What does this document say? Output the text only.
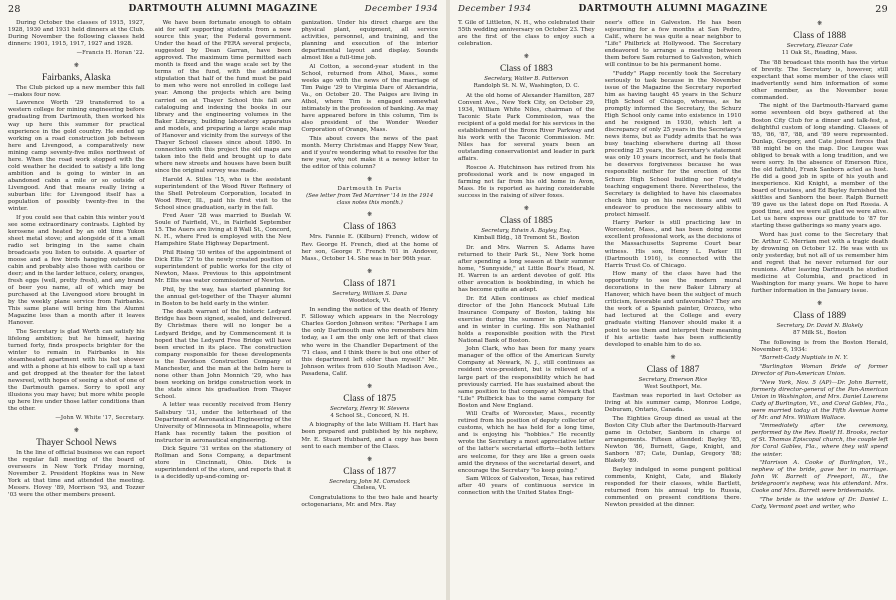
28	DARTMOUTH ALUMNI MAGAZINE	December 1934

During October the classes of 1915, 1927, 1928, 1930 and 1931 held dinners at the Club. During November the following classes held dinners: 1901, 1915, 1917, 1927 and 1928.

—Francis H. Horan '22.
❋
Fairbanks, Alaska

The Club picked up a new member this fall—makes four now.

Lawrence Worth '29 transferred to a western college for mining engineering before graduating from Dartmouth, then worked his way up here this summer for practical experience in the gold country. He ended up working on a road construction job between here and Livengood, a comparatively new mining camp seventy-five miles northwest of here. When the road work stopped with the cold weather he decided to satisfy a life long ambition and is going to winter in an abandoned cabin a mile or so outside of Livengood. And that means really living a suburban life: for Livengood itself has a population of possibly twenty-five in the winter.

If you could see that cabin this winter you'd see some extraordinary contrasts. Lighted by kerosene and heated by an old time Yukon sheet metal stove; and alongside of it a small radio set bringing in the same chain broadcasts you listen to outside. A quarter of moose and a few birds hanging outside the cabin and probably also those with caribou or deer; and in the larder lettuce, celery, oranges, fresh eggs (well, pretty fresh), and any brand of beer you name, all of which may be purchased at the Livengood store brought in by the weekly plane service from Fairbanks. This same plane will bring him the Alumni Magazine less than a month after it leaves Hanover.

The Secretary is glad Worth can satisfy his lifelong ambition; but he himself, having turned forty, finds prospects brighter for the winter to remain in Fairbanks in his steamheated apartment with his hot shower and with a phone at his elbow to call up a taxi and get dropped at the theater for the latest newsreel, with hopes of seeing a shot of one of the Dartmouth games. Sorry to spoil any illusions you may have; but more white people up here live under those latter conditions than the other.

—John W. White '17, Secretary.
❋
Thayer School News

In the line of official business we can report the regular fall meeting of the board of overseers in New York Friday morning, November 2. President Hopkins was in New York at that time and attended the meeting. Messrs. Hovey '89, Morrison '93, and Tozzer '03 were the other members present.

We have been fortunate enough to obtain aid for self supporting students from a new source this year, the Federal government. Under the head of the FERA several projects, suggested by Dean Garran, have been approved. The maximum time permitted each month is fixed and the wage scale set by the terms of the fund, with the additional stipulation that half of the fund must be paid to men who were not enrolled in college last year. Among the projects which are being carried on at Thayer School this fall are cataloguing and indexing the books in our library and the engineering volumes in the Baker Library, building laboratory apparatus and models, and preparing a large scale map of Hanover and vicinity from the surveys of the Thayer School classes since about 1890. In connection with this project the old maps are taken into the field and brought up to date where new streets and houses have been built since the original survey was made.

Harold A. Stiles '15, who is the assistant superintendent of the Wood River Refinery of the Shell Petroleum Corporation, located in Wood River, Ill., paid his first visit to the School since graduation, early in the fall.

Fred Auer '28 was married to Buelah W. Soule of Fairfield, Vt., in Fairfield September 15. The Auers are living at 8 Wall St., Concord, N. H., where Fred is employed with the New Hampshire State Highway Department.

Phil Rising '30 writes of the appointment of Dick Ellis '27 to the newly created position of superintendent of public works for the city of Newton, Mass. Previous to this appointment Mr. Ellis was water commissioner of Newton.

Phil, by the way, has started planning for the annual get-together of the Thayer alumni in Boston to be held early in the winter.

The death warrant of the historic Ledyard Bridge has been signed, sealed, and delivered. By Christmas there will no longer be a Ledyard Bridge, and by Commencement it is hoped that the Ledyard Free Bridge will have been erected in its place. The construction company responsible for these developments is the Davidson Construction Company of Manchester, and the man at the helm here is none other than John Monnich '29, who has been working on bridge construction work in the state since his graduation from Thayer School.

A letter was recently received from Henry Salisbury '31, under the letterhead of the Department of Aeronautical Engineering of the University of Minnesota in Minneapolis, where Hank has recently taken the position of instructor in aeronautical engineering.

Dick Squire '31 writes on the stationery of Rollman and Sons Company, a department store in Cincinnati, Ohio. Dick is superintendent of the store, and reports that it is a decidedly up-and-coming or-

ganization. Under his direct charge are the physical plant, equipment, all service activities, personnel, and training, and the planning and execution of the interior departmental layout and display. Sounds almost like a full-time job.

Al Cotton, a second-year student in the School, returned from Athol, Mass., some weeks ago with the news of the marriage of Tim Paige '29 to Virginia Dare of Alexandria, Va., on October 20. The Paiges are living in Athol, where Tim is engaged somewhat intimately in the profession of banking. As may have appeared before in this column, Tim is also president of the Wonder Weeder Corporation of Orange, Mass.

This about covers the news of the past month. Merry Christmas and Happy New Year, and if you're wondering what to resolve for the new year, why not make it a newsy letter to the editor of this column?

❋
Dartmouth In Paris
(See letter from Ted Marriner '14 in the 1914 class notes this month.)
❋
Class of 1863

Mrs. Fannie E. (Kilburn) French, widow of Rev. George H. French, died at the home of her son, George F. French '01 in Andover, Mass., October 14. She was in her 96th year.

❋
Class of 1871
Secretary, William S. Dana
Woodstock, Vt.

In sending the notice of the death of Henry F. Silloway which appears in the Necrology Charles Gordon Johnson writes: "Perhaps I am the only Dartmouth man who remembers him today, as I am the only one left of that class who were in the Chandler Department of the '71 class, and I think there is but one other of this department left older than myself." Mr. Johnson writes from 610 South Madison Ave., Pasadena, Calif.

❋
Class of 1875
Secretary, Henry W. Stevens
4 School St., Concord, N. H.

A biography of the late William H. Hart has been prepared and published by his nephew, Mr. E. Stuart Hubbard, and a copy has been sent to each member of the Class.

❋
Class of 1877
Secretary, John M. Comstock
Chelsea, Vt.

Congratulations to the two hale and hearty octogenarians, Mr. and Mrs. Ray

December 1934	DARTMOUTH ALUMNI MAGAZINE	29

T. Gile of Littleton, N. H., who celebrated their 55th wedding anniversary on October 23. They are the first of the class to enjoy such a celebration.

❋
Class of 1883
Secretary, Walter B. Patterson
Randolph St. N. W., Washington, D. C.

At the old home of Alexander Hamilton, 287 Convent Ave., New York City, on October 29, 1934, William White Niles, chairman of the Taconic State Park Commission, was the recipient of a gold medal for his services in the establishment of the Bronx River Parkway and his work with the Taconic Commission. Mr. Niles has for several years been an outstanding conservationist and leader in park affairs.

Roscoe A. Hutchinson has retired from his professional work and is now engaged in farming not far from his old home in Avon, Mass. He is reported as having considerable success in the raising of silver foxes.

❋
Class of 1885
Secretary, Edwin A. Bayley, Esq.
Kimball Bldg., 18 Tremont St., Boston

Dr. and Mrs. Warren S. Adams have returned to their Park St., New York home after spending a long season at their summer home, "Sunnyside," at Little Boar's Head, N. H. Warren is an ardent devotee of golf. His other avocation is bookbinding, in which he has become quite an adept.

Dr. Ed Allen continues as chief medical director of the John Hancock Mutual Life Insurance Company of Boston, taking his exercise during the summer in playing golf and in winter in curling. His son Nathaniel holds a responsible position with the First National Bank of Boston.

John Clark, who has been for many years manager of the office of the American Surety Company at Newark, N. J., still continues as resident vice-president, but is relieved of a large part of the responsibility which he had previously carried. He has sustained about the same position to that company at Newark that "Lile" Philbrick has to the same company for Boston and New England.

Will Crafts of Worcester, Mass., recently retired from his position of deputy collector of customs, which he has held for a long time, and is enjoying his "hobbies." He recently wrote the Secretary a most appreciative letter of the latter's secretarial efforts—both letters are welcome, for they are like a green oasis amid the dryness of the secretarial desert, and encourage the Secretary "to keep going."

Sam Wilcox of Galveston, Texas, has retired after 40 years of continuous service in connection with the United States Engi-

neer's office in Galveston. He has been sojourning for a few months at San Pedro, Calif., where he was quite a near neighbor to "Life" Philbrick at Hollywood. The Secretary endeavored to arrange a meeting between them before Sam returned to Galveston, which will continue to be his permanent home.

"Fuddy" Plapp recently took the Secretary seriously to task because in the November issue of the Magazine the Secretary reported him as having taught 45 years in the Schurz High School of Chicago, whereas, as he promptly informed the Secretary, the Schurz High School only came into existence in 1910 and he resigned in 1930, which left a discrepancy of only 25 years in the Secretary's news items, but as Fuddy admits that he was busy teaching elsewhere during all those preceding 25 years, the Secretary's statement was only 10 years incorrect, and he feels that he deserves forgiveness because he was responsible neither for the erection of the Schurz High School building nor Fuddy's teaching engagement there. Nevertheless, the Secretary is delighted to have his classmates check him up on his news items and will endeavor to produce the necessary alibis to protect himself.

Harry Parker is still practicing law in Worcester, Mass., and has been doing some excellent professional work, as the decisions of the Massachusetts Supreme Court bear witness. His son, Henry L. Parker III (Dartmouth 1916), is connected with the Harris Trust Co. of Chicago.

How many of the class have had the opportunity to see the modern mural decorations in the new Baker Library at Hanover, which have been the subject of much criticism, favorable and unfavorable? They are the work of a Spanish painter, Orozco, who had lectured at the College and every graduate visiting Hanover should make it a point to see them and interpret their meaning if his artistic taste has been sufficiently developed to enable him to do so.

❋
Class of 1887
Secretary, Emerson Rice
West Southport, Me.

Eastman was reported in last October as living at his summer camp, Monroe Lodge, Deburam, Ontario, Canada.

The Eighties Group dined as usual at the Boston City Club after the Dartmouth-Harvard game in October, Sanborn in charge of arrangements. Fifteen attended: Bayley '85, Newton '86, Burnett, Gage, Knight, and Sanborn '87; Cate, Dunlap, Gregory '88; Blakely '89.

Bayley indulged in some pungent political comments, Knight, Cate, and Blakely responded for their classes, while Bartlett, returned from his annual trip to Russia, commented on present conditions there. Newton presided at the dinner.

❋
Class of 1888
Secretary, Eleazar Cate
11 Oak St., Reading, Mass.

The '88 broadcast this month has the virtue of brevity. The Secretary is, however, still expectant that some member of the class will inadvertently send him information of some other member, as the November issue commanded.

The night of the Dartmouth-Harvard game some seventeen old boys gathered at the Boston City Club for a dinner and talk-fest, a delightful custom of long standing. Classes of '85, '86, '87, '88, and '89 were represented. Dunlap, Gregory, and Cate joined forces that '88 might be on the map. Doc Leugee was obliged to break with a long tradition, and we were sorry. In the absence of Emerson Rice, the old faithful, Frank Sanborn acted as host. He did a good job in spite of his youth and inexperience. Kid Knight, a member of the board of trustees, and Ed Bayley furnished the skittles and Sanborn the beer. Ralph Burnett '89 gave us the latest dope on Red Rossia. A good time, and we were all glad we were alive. Let us here express our gratitude to '87 for starting these gatherings so many years ago.

Word has just come to the Secretary that Dr. Arthur C. Merriam met with a tragic death by drowning on October 12. He was with us only yesterday, but not all of us remember him and regret that he never returned for our reunions. After leaving Dartmouth he studied medicine at Columbia, and practiced in Washington for many years. We hope to have further information in the January issue.

❋
Class of 1889
Secretary, Dr. David N. Blakely
87 Milk St., Boston

The following is from the Boston Herald, November 6, 1934:

"Barrett-Cady Nuptials in N. Y.

"Burlington Woman Bride of former Director of Pan-American Union.

"New York, Nov. 5 (AP)—Dr. John Barrett, formerly director-general of the Pan-American Union in Washington, and Mrs. Daniel Lawrens Cady of Burlington, Vt., and Coral Gables, Fla., were married today at the Fifth Avenue home of Mr. and Mrs. William Wallace.

"Immediately after the ceremony, performed by the Rev. Roelif H. Brooks, rector of St. Thomas Episcopal church, the couple left for Coral Gables, Fla., where they will spend the winter.

"Harrison A. Cooke of Burlington, Vt., nephew of the bride, gave her in marriage. John W. Barrett of Freeport, Ill., the bridegroom's nephew, was his attendant. Mrs. Cooke and Mrs. Barrett were bridesmaids.

"The bride is the widow of Dr. Daniel L. Cady, Vermont poet and writer, who
